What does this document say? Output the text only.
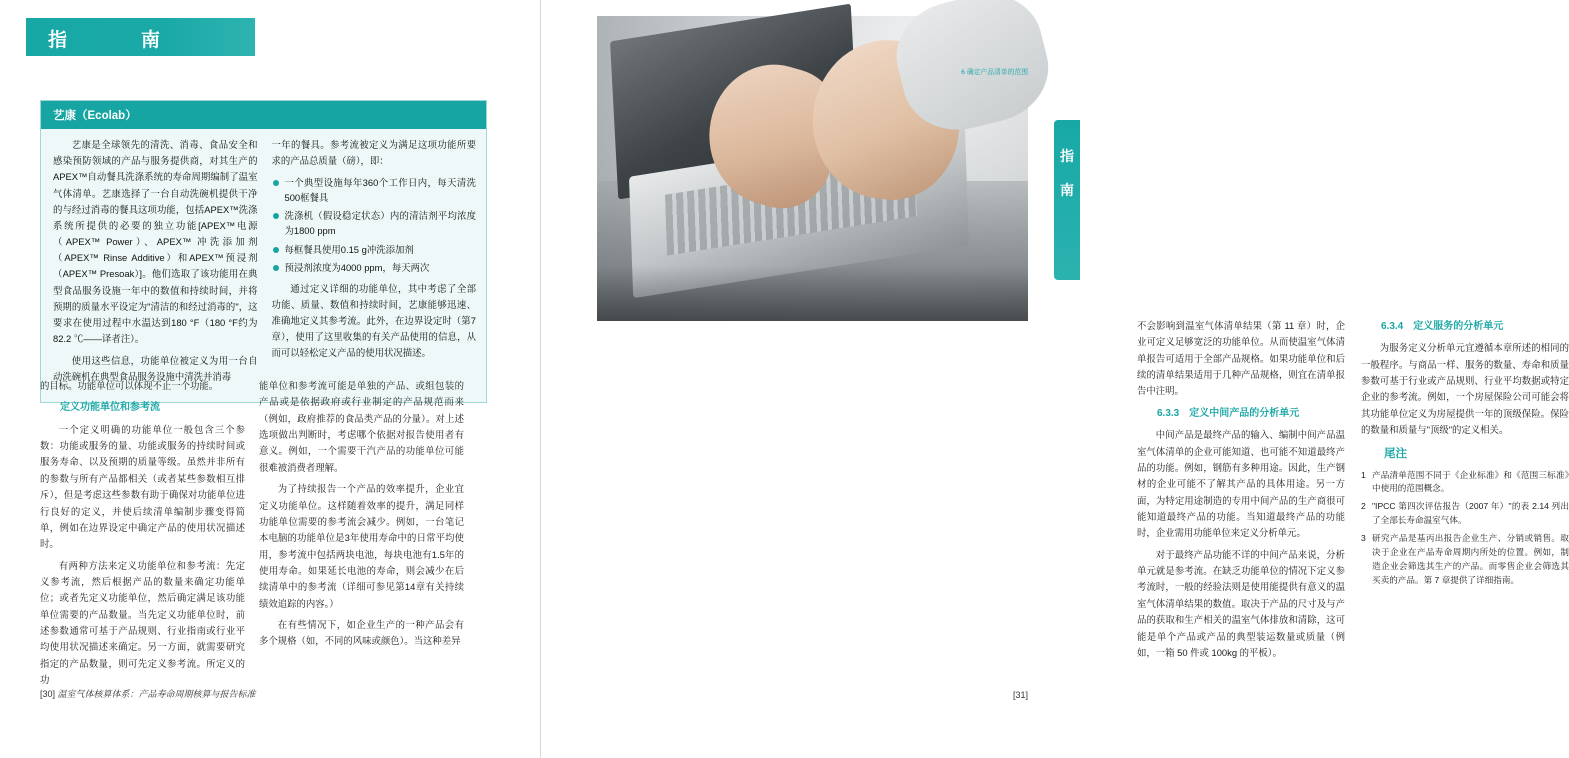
指　　南
艺康（Ecolab）

艺康是全球领先的清洗、消毒、食品安全和感染预防领域的产品与服务提供商，对其生产的APEX™自动餐具洗涤系统的寿命周期编制了温室气体清单。艺康选择了一台自动洗碗机提供干净的与经过消毒的餐具这项功能，包括APEX™洗涤系统所提供的必要的独立功能[APEX™电源（APEX™ Power）、APEX™ 冲洗添加剂（APEX™ Rinse Additive）和APEX™预浸剂（APEX™ Presoak）]。他们选取了该功能用在典型食品服务设施一年中的数值和持续时间，并将预期的质量水平设定为"清洁的和经过消毒的"，这要求在使用过程中水温达到180 °F（180 °F约为82.2 ℃——译者注）。

使用这些信息，功能单位被定义为用一台自动洗碗机在典型食品服务设施中清洗并消毒

一年的餐具。参考流被定义为满足这项功能所要求的产品总质量（磅），即：

一个典型设施每年360个工作日内，每天清洗500框餐具
洗涤机（假设稳定状态）内的清洁剂平均浓度为1800 ppm
每框餐具使用0.15 g冲洗添加剂
预浸剂浓度为4000 ppm，每天两次

通过定义详细的功能单位，其中考虑了全部功能、质量、数值和持续时间，艺康能够迅速、准确地定义其参考流。此外，在边界设定时（第7章），使用了这里收集的有关产品使用的信息，从而可以轻松定义产品的使用状况描述。

的目标。功能单位可以体现不止一个功能。

定义功能单位和参考流

一个定义明确的功能单位一般包含三个参数：功能或服务的量、功能或服务的持续时间或服务寿命、以及预期的质量等级。虽然并非所有的参数与所有产品都相关（或者某些参数相互排斥），但是考虑这些参数有助于确保对功能单位进行良好的定义，并使后续清单编制步骤变得简单，例如在边界设定中确定产品的使用状况描述时。

有两种方法来定义功能单位和参考流：先定义参考流，然后根据产品的数量来确定功能单位；或者先定义功能单位，然后确定满足该功能单位需要的产品数量。当先定义功能单位时，前述参数通常可基于产品规则、行业指南或行业平均使用状况描述来确定。另一方面，就需要研究指定的产品数量，则可先定义参考流。所定义的功

能单位和参考流可能是单独的产品、或组包装的产品或是依据政府或行业制定的产品规范而来（例如，政府推荐的食品类产品的分量）。对上述选项做出判断时，考虑哪个依据对报告使用者有意义。例如，一个需要干汽产品的功能单位可能很难被消费者理解。

为了持续报告一个产品的效率提升，企业宜定义功能单位。这样随着效率的提升，满足同样功能单位需要的参考流会减少。例如，一台笔记本电脑的功能单位是3年使用寿命中的日常平均使用，参考流中包括两块电池，每块电池有1.5年的使用寿命。如果延长电池的寿命，则会减少在后续清单中的参考流（详细可参见第14章有关持续绩效追踪的内容。）

在有些情况下，如企业生产的一种产品会有多个规格（如，不同的风味或颜色）。当这种差异

[30] 温室气体核算体系：产品寿命周期核算与报告标准
6 确定产品清单的范围

不会影响到温室气体清单结果（第 11 章）时，企业可定义足够宽泛的功能单位。从而使温室气体清单报告可适用于全部产品规格。如果功能单位和后续的清单结果适用于几种产品规格，则宜在清单报告中注明。

6.3.3　定义中间产品的分析单元

中间产品是最终产品的输入、编制中间产品温室气体清单的企业可能知道、也可能不知道最终产品的功能。例如，钢筋有多种用途。因此，生产钢材的企业可能不了解其产品的具体用途。另一方面，为特定用途制造的专用中间产品的生产商很可能知道最终产品的功能。当知道最终产品的功能时，企业需用功能单位来定义分析单元。

对于最终产品功能不详的中间产品来说，分析单元就是参考流。在缺乏功能单位的情况下定义参考流时，一般的经验法则是使用能提供有意义的温室气体清单结果的数值。取决于产品的尺寸及与产品的获取和生产相关的温室气体排放和清除，这可能是单个产品或产品的典型装运数量或质量（例如，一箱 50 件或 100kg 的平板）。

6.3.4　定义服务的分析单元

为服务定义分析单元宜遵循本章所述的相同的一般程序。与商品一样、服务的数量、寿命和质量参数可基于行业或产品规则、行业平均数据或特定企业的参考流。例如，一个房屋保险公司可能会将其功能单位定义为房屋提供一年的顶级保险。保险的数量和质量与"顶级"的定义相关。

尾注

1 产品清单范围不同于《企业标准》和《范围三标准》中使用的范围概念。
2 "IPCC 第四次评估报告（2007 年）"的表 2.14 列出了全部长寿命温室气体。
3 研究产品是基丙出报告企业生产、分销或销售。取决于企业在产品寿命周期内所处的位置。例如，制造企业会筛选其生产的产品。而零售企业会筛选其买卖的产品。第 7 章提供了详细指南。
[31]
指
南
